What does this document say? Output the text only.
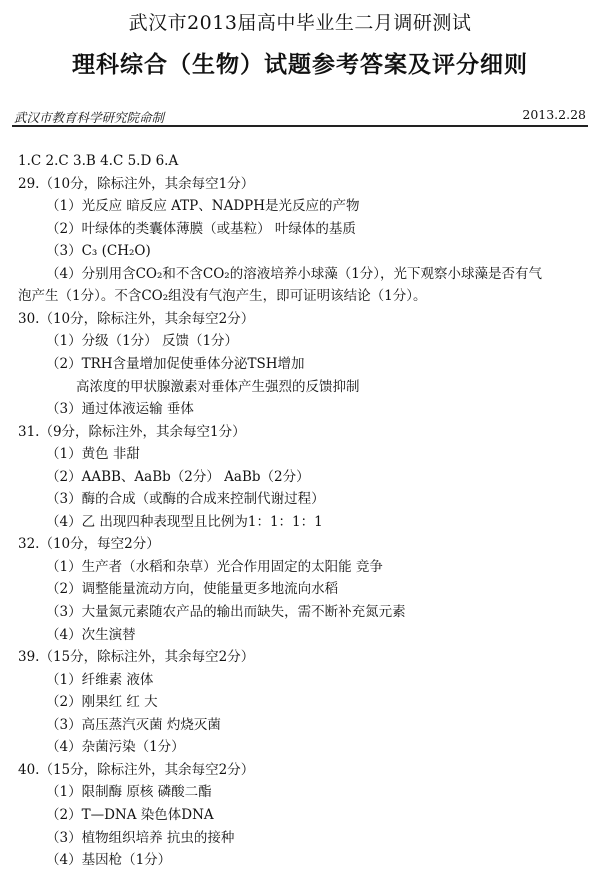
武汉市2013届高中毕业生二月调研测试
理科综合（生物）试题参考答案及评分细则
武汉市教育科学研究院命制	2013.2.28
1.C 2.C 3.B 4.C 5.D 6.A
29.（10分，除标注外，其余每空1分）
（1）光反应 暗反应 ATP、NADPH是光反应的产物
（2）叶绿体的类囊体薄膜（或基粒） 叶绿体的基质
（3）C₃ (CH₂O)
（4）分别用含CO₂和不含CO₂的溶液培养小球藻（1分），光下观察小球藻是否有气
泡产生（1分）。不含CO₂组没有气泡产生，即可证明该结论（1分）。
30.（10分，除标注外，其余每空2分）
（1）分级（1分） 反馈（1分）
（2）TRH含量增加促使垂体分泌TSH增加
高浓度的甲状腺激素对垂体产生强烈的反馈抑制
（3）通过体液运输 垂体
31.（9分，除标注外，其余每空1分）
（1）黄色 非甜
（2）AABB、AaBb（2分） AaBb（2分）
（3）酶的合成（或酶的合成来控制代谢过程）
（4）乙 出现四种表现型且比例为1：1：1：1
32.（10分，每空2分）
（1）生产者（水稻和杂草）光合作用固定的太阳能 竞争
（2）调整能量流动方向，使能量更多地流向水稻
（3）大量氮元素随农产品的输出而缺失，需不断补充氮元素
（4）次生演替
39.（15分，除标注外，其余每空2分）
（1）纤维素 液体
（2）刚果红 红 大
（3）高压蒸汽灭菌 灼烧灭菌
（4）杂菌污染（1分）
40.（15分，除标注外，其余每空2分）
（1）限制酶 原核 磷酸二酯
（2）T—DNA 染色体DNA
（3）植物组织培养 抗虫的接种
（4）基因枪（1分）
